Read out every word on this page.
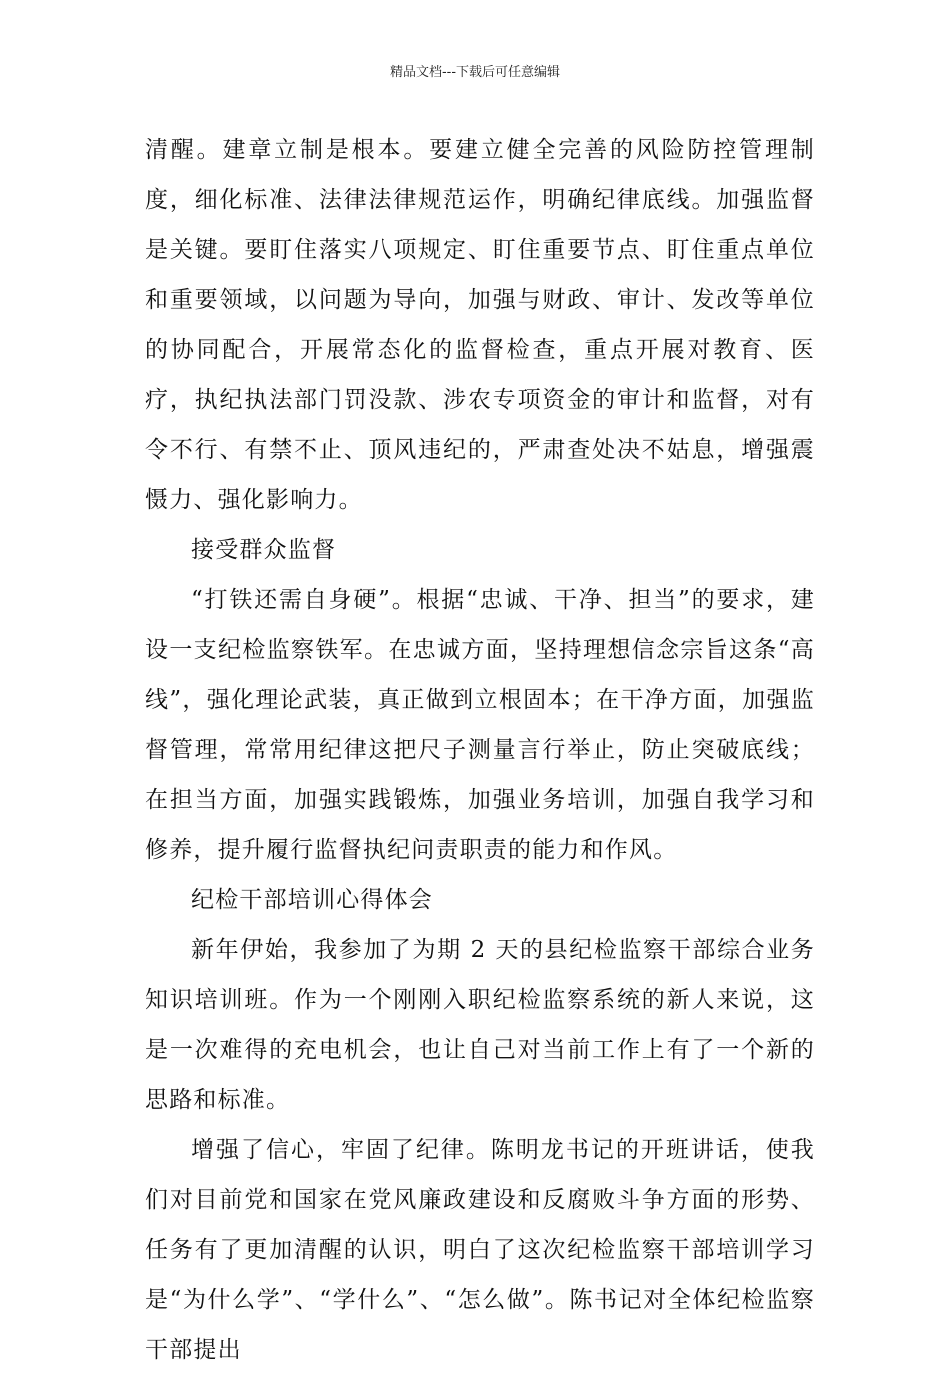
精品文档---下载后可任意编辑

清醒。建章立制是根本。要建立健全完善的风险防控管理制度，细化标准、法律法律规范运作，明确纪律底线。加强监督是关键。要盯住落实八项规定、盯住重要节点、盯住重点单位和重要领域，以问题为导向，加强与财政、审计、发改等单位的协同配合，开展常态化的监督检查，重点开展对教育、医疗，执纪执法部门罚没款、涉农专项资金的审计和监督，对有令不行、有禁不止、顶风违纪的，严肃查处决不姑息，增强震慑力、强化影响力。

接受群众监督

“打铁还需自身硬”。根据“忠诚、干净、担当”的要求，建设一支纪检监察铁军。在忠诚方面，坚持理想信念宗旨这条“高线”，强化理论武装，真正做到立根固本；在干净方面，加强监督管理，常常用纪律这把尺子测量言行举止，防止突破底线；在担当方面，加强实践锻炼，加强业务培训，加强自我学习和修养，提升履行监督执纪问责职责的能力和作风。

纪检干部培训心得体会

新年伊始，我参加了为期 2 天的县纪检监察干部综合业务知识培训班。作为一个刚刚入职纪检监察系统的新人来说，这是一次难得的充电机会，也让自己对当前工作上有了一个新的思路和标准。

增强了信心，牢固了纪律。陈明龙书记的开班讲话，使我们对目前党和国家在党风廉政建设和反腐败斗争方面的形势、任务有了更加清醒的认识，明白了这次纪检监察干部培训学习是“为什么学”、“学什么”、“怎么做”。陈书记对全体纪检监察干部提出
